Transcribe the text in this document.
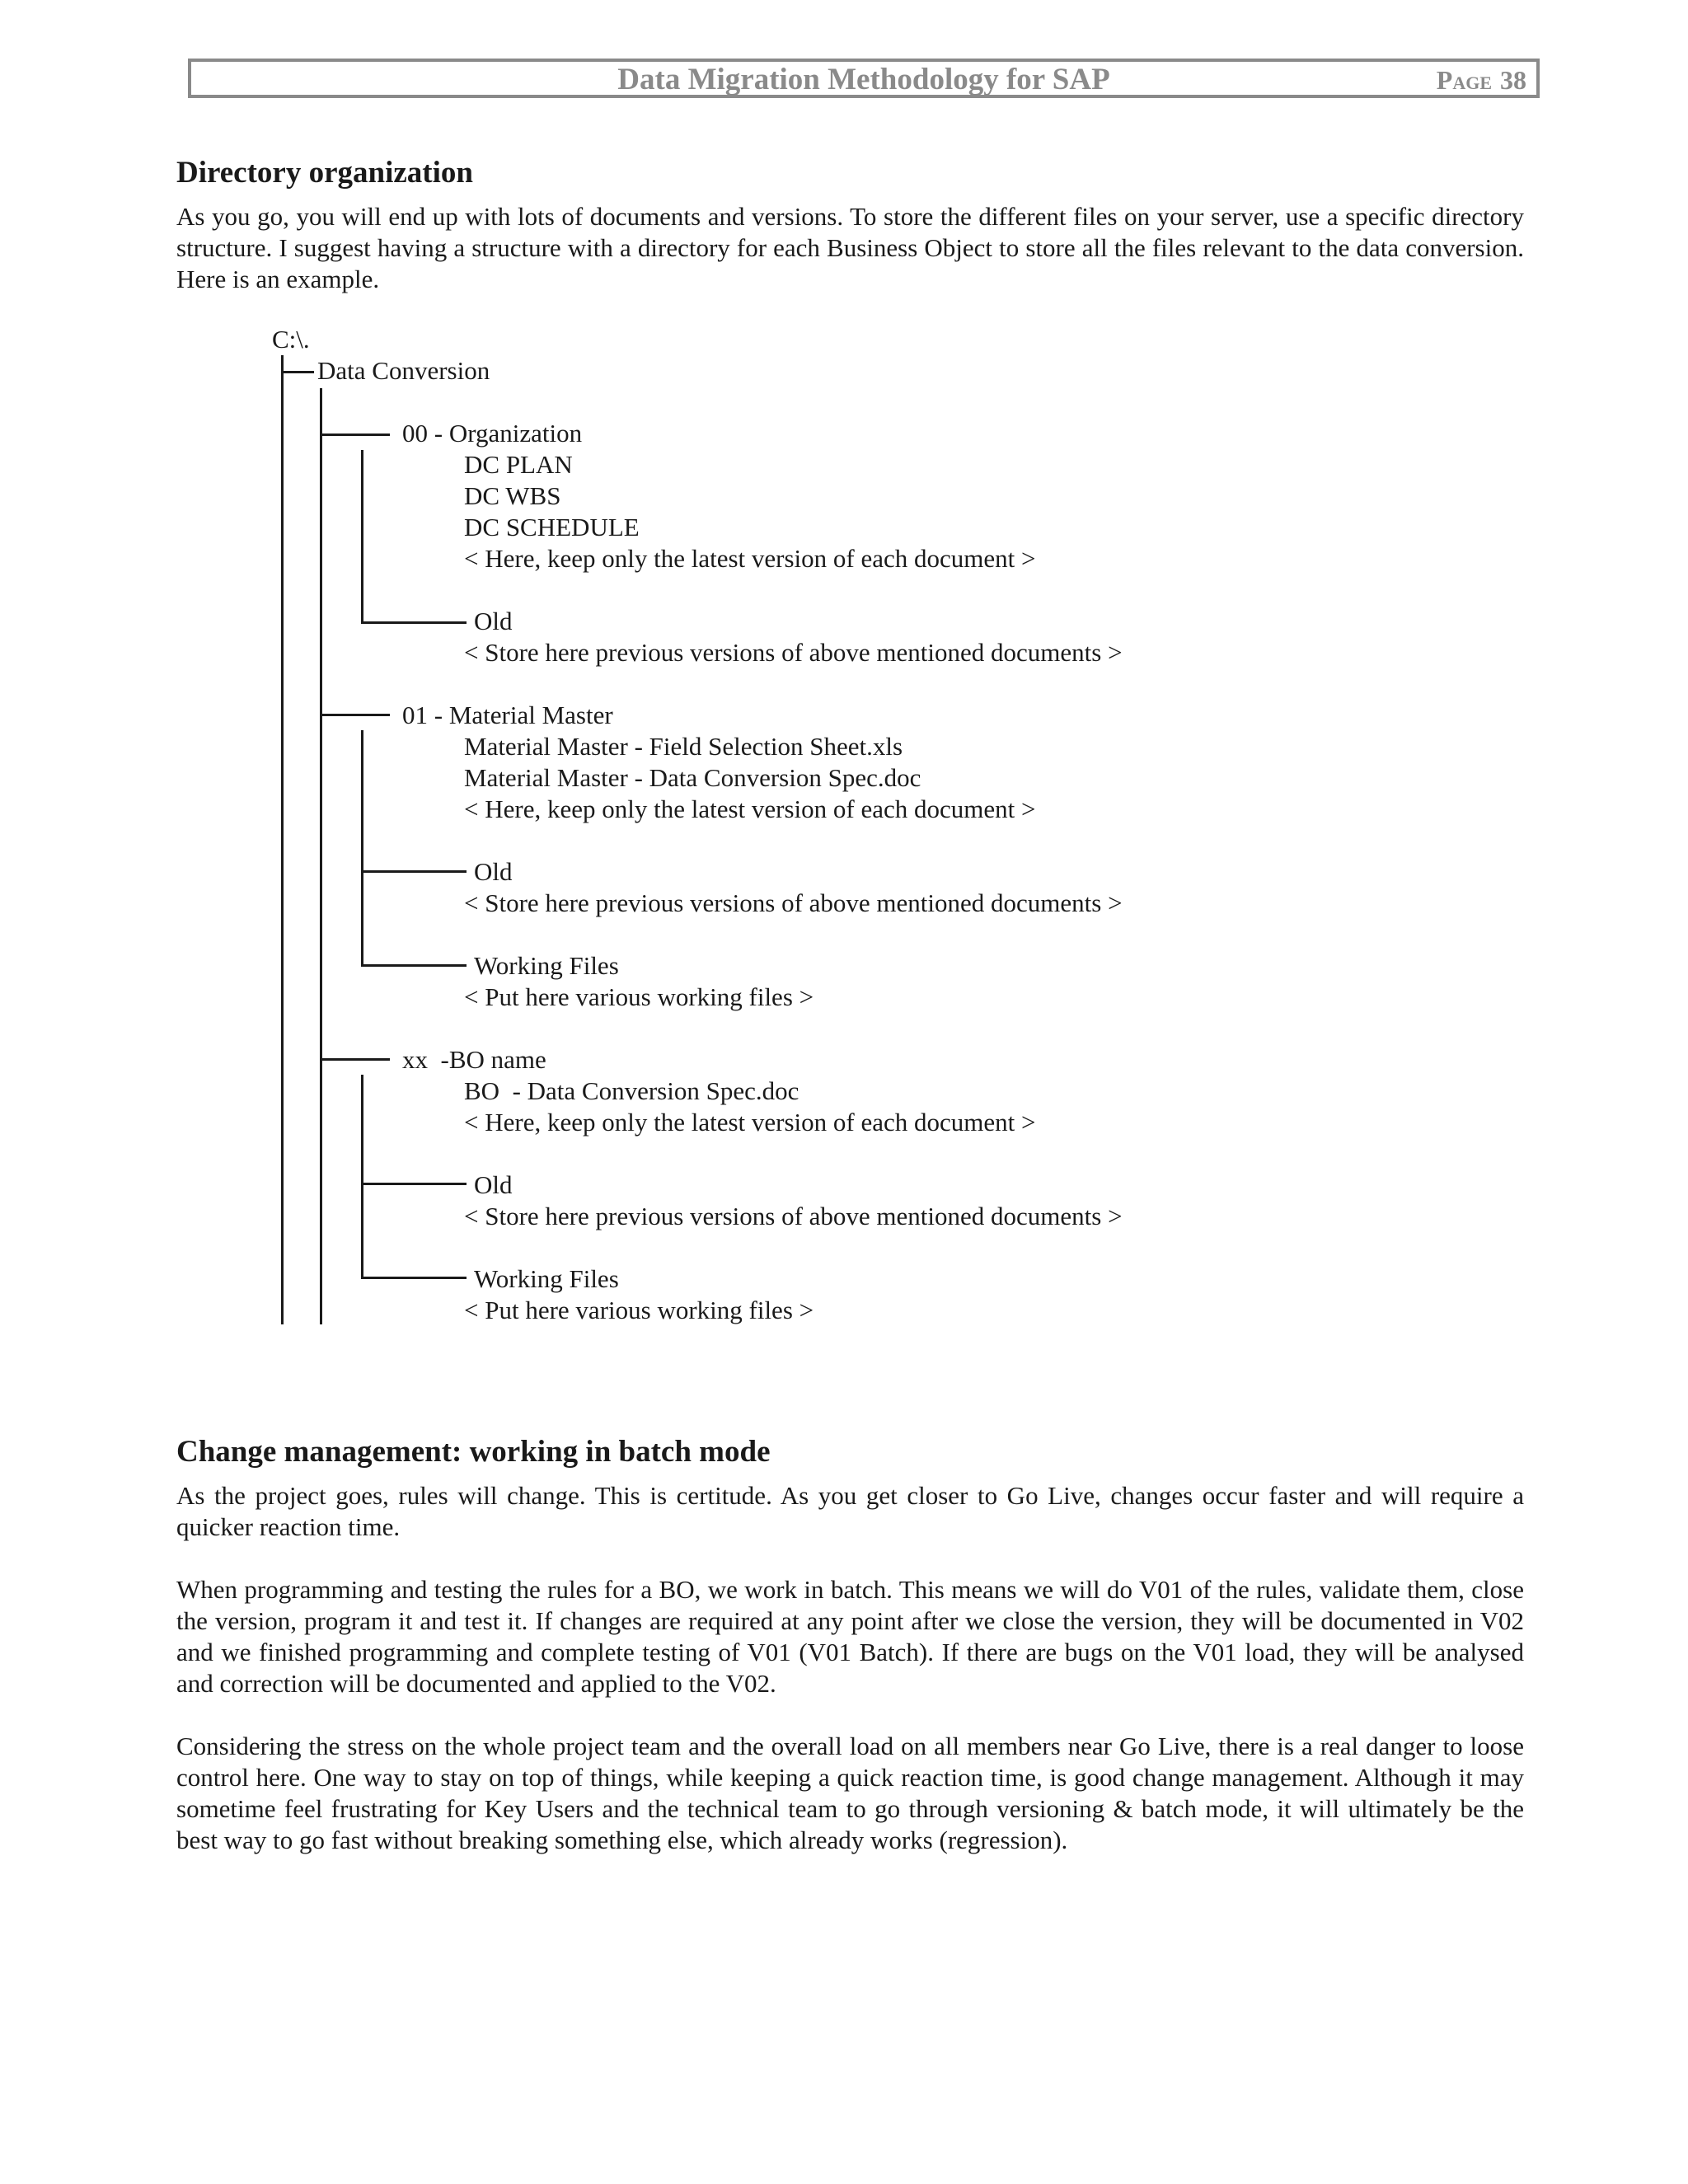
Data Migration Methodology for SAP	Page 38
Directory organization

As you go, you will end up with lots of documents and versions. To store the different files on your server, use a specific directory structure. I suggest having a structure with a directory for each Business Object to store all the files relevant to the data conversion. Here is an example.

C:\.
Data Conversion
00 - Organization
DC PLAN
DC WBS
DC SCHEDULE
< Here, keep only the latest version of each document >
Old
< Store here previous versions of above mentioned documents >
01 - Material Master
Material Master - Field Selection Sheet.xls
Material Master - Data Conversion Spec.doc
< Here, keep only the latest version of each document >
Old
< Store here previous versions of above mentioned documents >
Working Files
< Put here various working files >
xx  -BO name
BO  - Data Conversion Spec.doc
< Here, keep only the latest version of each document >
Old
< Store here previous versions of above mentioned documents >
Working Files
< Put here various working files >
Change management: working in batch mode

As the project goes, rules will change. This is certitude. As you get closer to Go Live, changes occur faster and will require a quicker reaction time.

When programming and testing the rules for a BO, we work in batch. This means we will do V01 of the rules, validate them, close the version, program it and test it. If changes are required at any point after we close the version, they will be documented in V02 and we finished programming and complete testing of V01 (V01 Batch). If there are bugs on the V01 load, they will be analysed and correction will be documented and applied to the V02.

Considering the stress on the whole project team and the overall load on all members near Go Live, there is a real danger to loose control here. One way to stay on top of things, while keeping a quick reaction time, is good change management. Although it may sometime feel frustrating for Key Users and the technical team to go through versioning & batch mode, it will ultimately be the best way to go fast without breaking something else, which already works (regression).
